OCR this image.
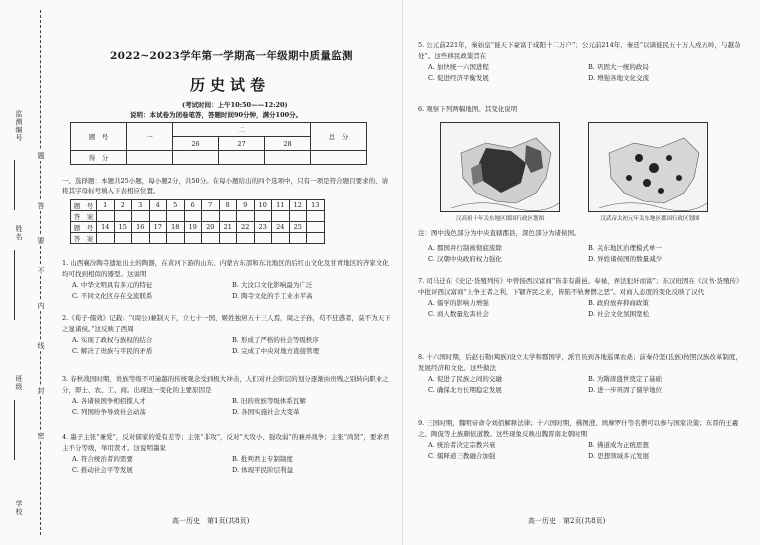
监测编号
姓名
班级
学校
题
答
要
不
内
线
封
密
2022~2023学年第一学期高一年级期中质量监测
历史试卷
(考试时间：上午10:50——12:20)
说明：本试卷为闭卷笔答，答题时间90分钟，满分100分。
题　号	一	二			总　分
		26	27	28	
得　分					
一、选择题：本题共25小题，每小题2分，共50分。在每小题给出的四个选项中，只有一项是符合题目要求的，请将其字母标号填入下表相应位置。
题　号	1	2	3	4	5	6	7	8	9	10	11	12	13
答　案													
题　号	14	15	16	17	18	19	20	21	22	23	24	25	
答　案													
1. 山西襄汾陶寺遗址出土的陶器，在黄河下游的山东、内蒙古东部和东北地区的后红山文化及甘青地区的齐家文化均可找到相似的器型。这说明
A. 中华文明具有多元的特征	B. 大汶口文化影响最为广泛
C. 不同文化区存在交流联系	D. 陶寺文化的手工业水平高
2.《荀子·儒效》记载：“(周公)兼制天下，立七十一国，姬姓独居五十三人焉，周之子孙，苟不狂惑者，莫不为天下之显诸侯。”这反映了西周
A. 实现了政权与族权的结合	B. 形成了严格的社会等级秩序
C. 解决了贵族与平民的矛盾	D. 完成了中央对地方直接管理
3. 春秋战国时期，贵族等级不可逾越的传统观念受到极大冲击，人们对社会阶层的划分逐渐由贵贱之别转向职业之分，即士、农、工、商。出现这一变化的主要原因是
A. 各诸侯国争相招揽人才	B. 旧的贵族等级体系瓦解
C. 列国纷争导致社会动荡	D. 各国实施社会大变革
4. 墨子主张“兼爱”，反对儒家的爱有差等；主张“非攻”，反对“大攻小、强攻弱”的兼并战争；主张“尚贤”，要求君主不分等级，举用贤才。这说明墨家
A. 符合统治者的需要	B. 批判君主专制制度
C. 推动社会平等发展	D. 体现平民阶层利益
高一历史　第1页(共8页)
5. 公元前221年，秦始皇“徙天下豪富于咸阳十二万户”；公元前214年，秦廷“以谪徙民五十万人戍五岭，与越杂处”。这些移民政策旨在
A. 加快统一六国进程	B. 巩固大一统的政局
C. 促进经济平衡发展	D. 增强各地文化交流
6. 观察下列两幅地图。其变化说明
汉高祖十年关东地区郡国行政区划图	汉武帝太初元年关东地区郡国行政区划图
注：图中浅色部分为中央直辖郡县，深色部分为诸侯国。
A. 郡国并行制被彻底废除	B. 关东地区治理模式单一
C. 汉朝中央政府权力强化	D. 异姓诸侯国的数量减少
7. 司马迁在《史记·货殖列传》中曾扬西汉富商“皆非有爵邑、奉禄，弄法犯奸而富”；东汉班固在《汉书·货殖传》中批评西汉富商“上争王者之利，下锢齐民之业，皆陷不轨奢僭之恶”。对商人态度的变化反映了汉代
A. 儒学的影响力增强	B. 政府放弃抑商政策
C. 商人数量危害社会	D. 社会文化氛围宽松
8. 十六国时期，后赵石勒(羯族)设立太学和郡国学，派官员到各地巡课农桑；前秦苻坚(氐族)按照汉族改革制度，发展经济和文化。这些做法
A. 促进了民族之间的交融	B. 为隋唐盛世奠定了基础
C. 确保北方长期稳定发展	D. 进一步巩固了儒学地位
9. 三国时期，魏明帝命令刘佰解释法律；十六国时期，佛图澄、鸠摩罗什等名僧可以参与国家决策；东晋的王羲之、陶侃等土族颇依道教。这些现象反映出魏晋南北朝时期
A. 统治者决定宗教兴衰	B. 佛道成为正统思想
C. 儒释道三教融合加强	D. 思想领域多元发展
高一历史　第2页(共8页)
